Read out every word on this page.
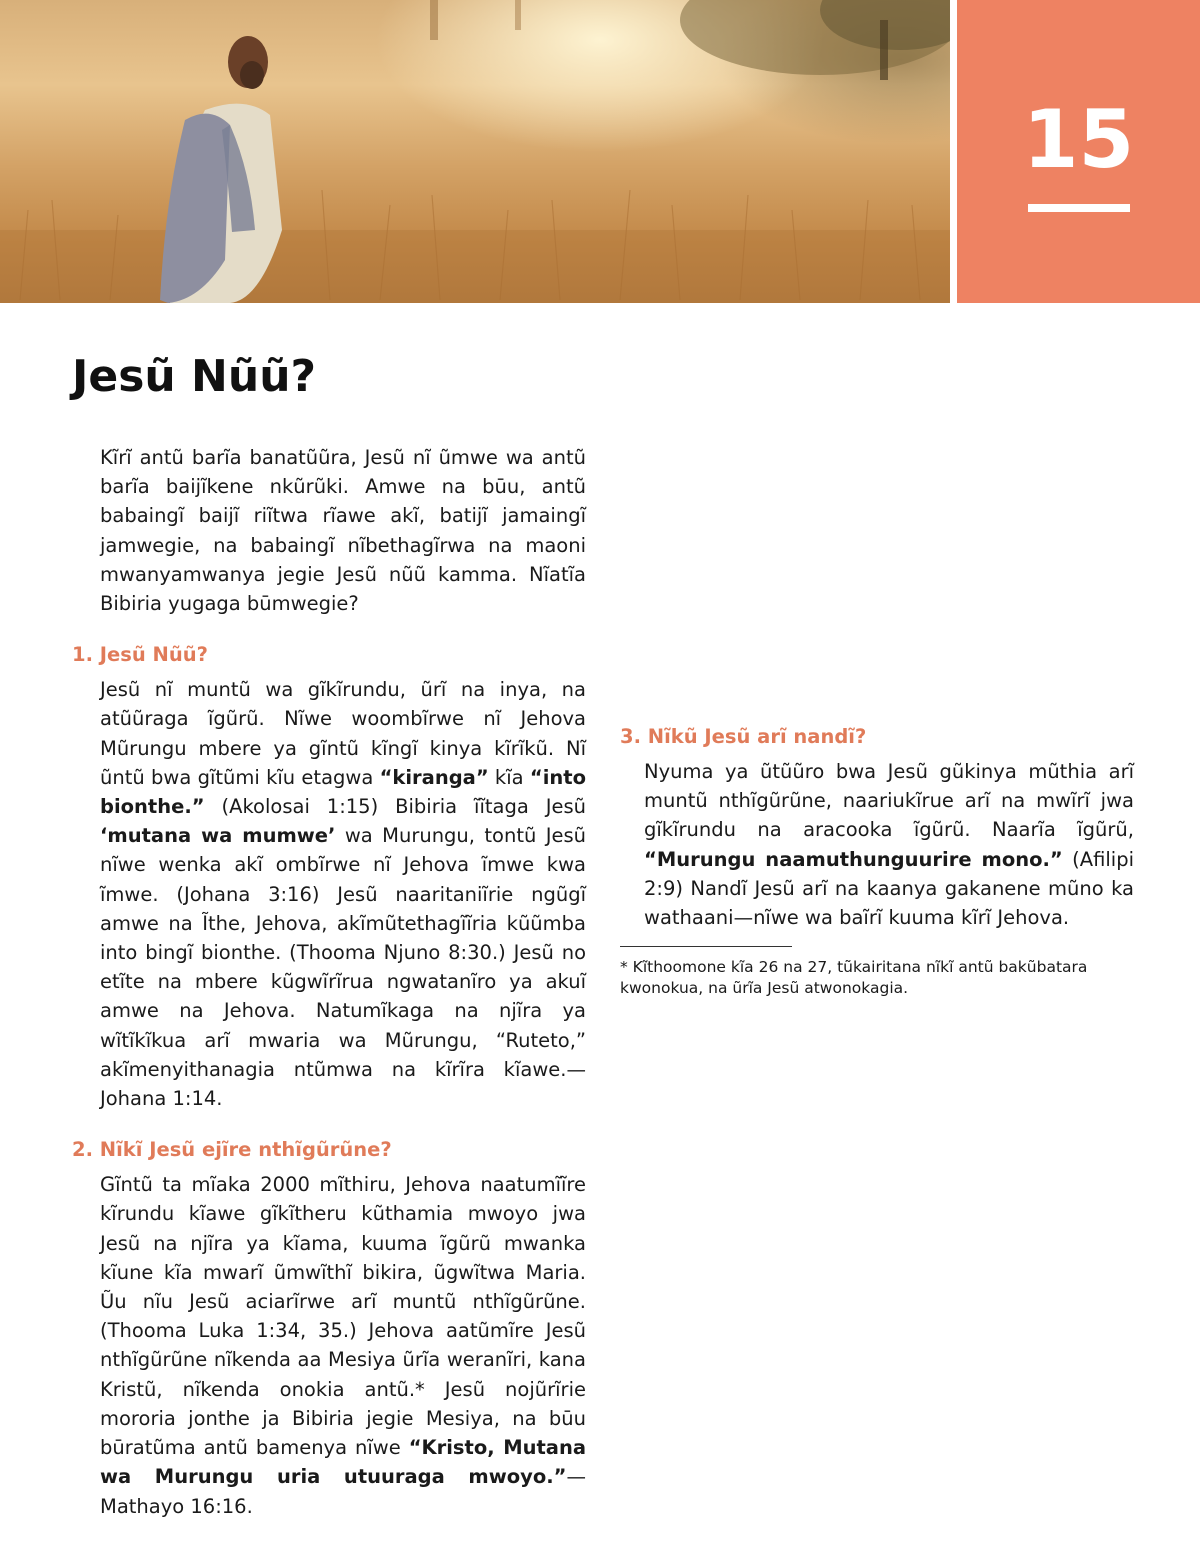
15
Jesũ Nũũ?

Kĩrĩ antũ barĩa banatũũra, Jesũ nĩ ũmwe wa antũ barĩa baijĩkene nkũrũki. Amwe na būu, antũ babaingĩ baijĩ riĩtwa rĩawe akĩ, batijĩ jamaingĩ jamwegie, na babaingĩ nĩbethagĩrwa na maoni mwanyamwanya jegie Jesũ nũũ kamma. Nĩatĩa Bibiria yugaga būmwegie?

1. Jesũ Nũũ?

Jesũ nĩ muntũ wa gĩkĩrundu, ũrĩ na inya, na atũũraga ĩgũrũ. Nĩwe woombĩrwe nĩ Jehova Mũrungu mbere ya gĩntũ kĩngĩ kinya kĩrĩkũ. Nĩ ũntũ bwa gĩtũmi kĩu etagwa “kiranga” kĩa “into bionthe.” (Akolosai 1:15) Bibiria ĩĩtaga Jesũ ‘mutana wa mumwe’ wa Murungu, tontũ Jesũ nĩwe wenka akĩ ombĩrwe nĩ Jehova ĩmwe kwa ĩmwe. (Johana 3:16) Jesũ naaritaniĩrie ngũgĩ amwe na Ĩthe, Jehova, akĩmũtethagĩĩria kũũmba into bingĩ bionthe. (Thooma Njuno 8:30.) Jesũ no etĩte na mbere kũgwĩrĩrua ngwatanĩro ya akuĩ amwe na Jehova. Natumĩkaga na njĩra ya wĩtĩkĩkua arĩ mwaria wa Mũrungu, “Ruteto,” akĩmenyithanagia ntũmwa na kĩrĩra kĩawe.—Johana 1:14.

2. Nĩkĩ Jesũ ejĩre nthĩgũrũne?

Gĩntũ ta mĩaka 2000 mĩthiru, Jehova naatumĩĩre kĩrundu kĩawe gĩkĩtheru kũthamia mwoyo jwa Jesũ na njĩra ya kĩama, kuuma ĩgũrũ mwanka kĩune kĩa mwarĩ ũmwĩthĩ bikira, ũgwĩtwa Maria. Ũu nĩu Jesũ aciarĩrwe arĩ muntũ nthĩgũrũne. (Thooma Luka 1:34, 35.) Jehova aatũmĩre Jesũ nthĩgũrũne nĩkenda aa Mesiya ũrĩa weranĩri, kana Kristũ, nĩkenda onokia antũ.* Jesũ nojũrĩrie mororia jonthe ja Bibiria jegie Mesiya, na būu būratũma antũ bamenya nĩwe “Kristo, Mutana wa Murungu uria utuuraga mwoyo.”—Mathayo 16:16.

3. Nĩkũ Jesũ arĩ nandĩ?

Nyuma ya ũtũũro bwa Jesũ gũkinya mũthia arĩ muntũ nthĩgũrũne, naariukĩrue arĩ na mwĩrĩ jwa gĩkĩrundu na aracooka ĩgũrũ. Naarĩa ĩgũrũ, “Murungu naamuthunguurire mono.” (Afilipi 2:9) Nandĩ Jesũ arĩ na kaanya gakanene mũno ka wathaani—nĩwe wa baĩrĩ kuuma kĩrĩ Jehova.

* Kĩthoomone kĩa 26 na 27, tũkairitana nĩkĩ antũ bakũbatara kwonokua, na ũrĩa Jesũ atwonokagia.
